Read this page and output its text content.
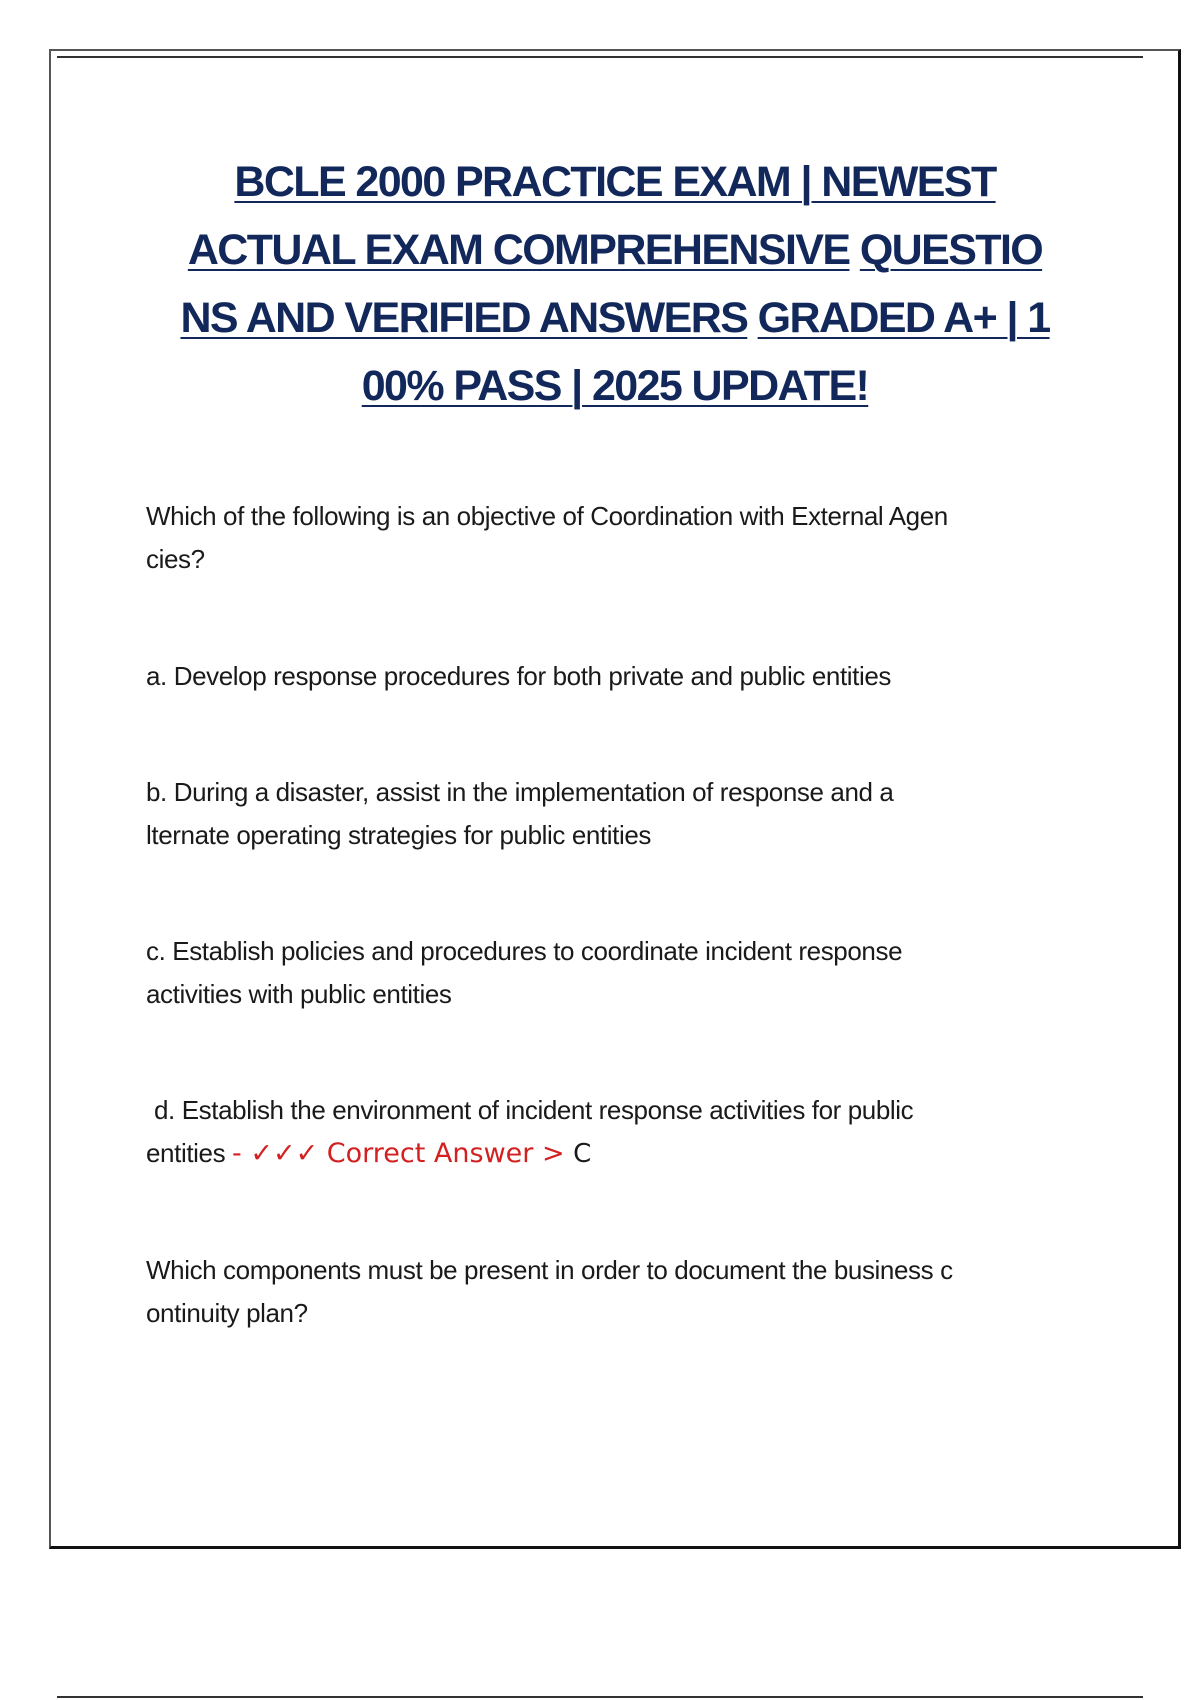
BCLE 2000 PRACTICE EXAM | NEWEST
ACTUAL EXAM COMPREHENSIVE QUESTIO
NS AND VERIFIED ANSWERS GRADED A+ | 1
00% PASS | 2025 UPDATE!

Which of the following is an objective of Coordination with External Agen
cies?

a. Develop response procedures for both private and public entities

b. During a disaster, assist in the implementation of response and a
lternate operating strategies for public entities

c. Establish policies and procedures to coordinate incident response
activities with public entities

d. Establish the environment of incident response activities for public
entities - ✓✓✓ Correct Answer > C

Which components must be present in order to document the business c
ontinuity plan?
